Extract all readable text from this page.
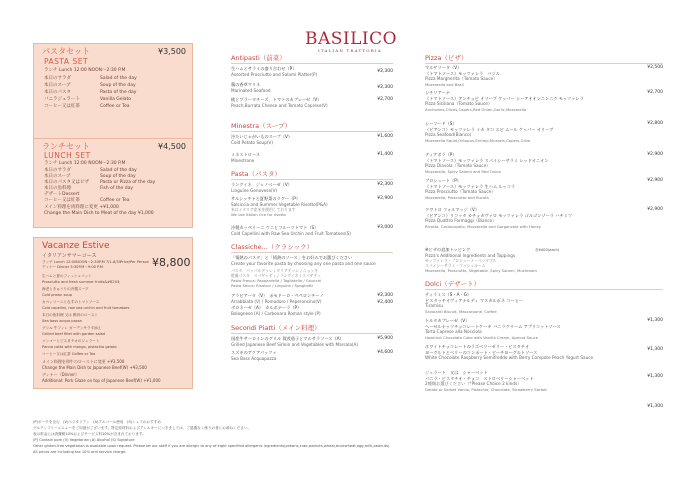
BASILICO
ITALIAN TRATTORIA
パスタセット	¥3,500
PASTA SET
ランチ Lunch 12:00 NOON～2:30 P.M
本日のサラダ	Salad of the day
本日のスープ	Soup of the day
本日のパスタ	Pasta of the day
バニラジェラート	Vanilla Gelato
コーヒー又は紅茶	Coffee or Tea
ランチセット	¥4,500
LUNCH SET
ランチ Lunch 12:00 NOON～2:30 P.M
本日のサラダ	Salad of the day
本日のスープ	Soup of the day
本日のパスタ又はピザ Pasta or Pizza of the day
本日の魚料理	Fish of the day
デザートDessert
コーヒー又は紅茶	Coffee or Tea
メイン料理を肉料理に変更 +¥1,000
Change the Main Dish to Meat of the day ¥1,000
Vacanze Estive
イタリアンサマーコース	¥8,800
ランチ Lunch 12:00NOON～2:30P.M 7/1-8/31
Price/Per Person
ディナー Dinner 5:30P.M～9:00 P.M
生ハムと夏のフィッシュマット
Prosciutto and fresh summer fruits&#8203;
海老ときゅうりの冷製スープ
Cold prawn soup
カペッリーニとなすのトマトソース
Cold capellini, raw sea urchin and fruit tomatoes
本日の魚料理 又は 鴨肉のロースト
Sea bass acqua pazza
グリル 牛フィレ ガーデンサラダ添え
Grilled beef fillet with garden salad
マンゴーとピスタチオのジェラート
Panna cotta with mango, pistachio gelato
コーヒー又は紅茶 Coffee or Tea
メイン料理を和牛のローストに変更 +¥3,500
Change the Main Dish to Japanese Beef(W) +¥3,500
ディナー（Dinner）
Additional: Pork Glaze on top of Japanese Beef(W) +¥1,000
Antipasti（前菜）
生ハムとサラミの盛り合わせ（P）
Assorted Prosciutto and Salami Platter(P)	¥2,300
鶏の香草マリネ
Marinated Seafood	¥2,300
桃とブラータチーズ、トマトのカプレーゼ（V）
Peach,Burrata Cheese and Tomato Caprese(V)
¥2,700
Minestra（スープ）
冷たいじゃがいものスープ（V）
Cold Potato Soup(V)
¥1,600
ミネストローネ
Minestrone
¥1,400
Pasta（パスタ）
ラングイネ　ジェノベーゼ（V）
Linguine Genovese(V)
¥2,300
サルシッチャと夏野菜のラグー（P）
Salsiccia and Summer Vegetable Risotto(P&A)
米はイタリア産米を使用しております
We use Italian rice for risotto
¥2,900
冷製カッペリーニ ウニとフルーツトマト（S）
Cold Capellini with Raw Sea Urchin and Fruit Tomatoes(S)
¥3,000
Classiche...（クラシック）
「情熱のパスタ」と「情熱のソース」をお好みでお選びください
Create your favorite pasta by choosing any one pasta and one sauce
パスタ　パッパルデッレ / タリアテッレ / ニョッキ
乾燥パスタ　スパゲッティ / リングイネ / スパゲティ
Pasta Fresca: Pappardelle / Tagliatelle / Gnocchi
Pasta Secca: Risoloni / Linguine / Spaghetti
アラビアータ（V）　ポモドーロ・ペペロンチーノ
Arrabbiata (V) / Pomodoro / Peperoncino(V)
¥2,300
ボロネーゼ（A）　カルボナーラ（P）
Bolognese (A) / Carbonara Roman style (P)
¥2,400
Secondi Piatti（メイン料理）
国産牛サーロインのグリル 賀茂茄子とマルサラソース（A）
Grilled Japanese Beef Sirloin and Vegetables with Marsala(A)
¥5,900
スズキのアクアパッツァ
Sea Bass Acquapazza
¥4,600
Pizza（ピザ）
マルゲリータ（V）
（トマトソース）モッツァレラ　バジル
Pizza Margherita（Tomato Sauce）
Mozzarella and Basil
¥2,500
シチリアーナ
（トマトソース）アンチョビ オリーブ ケッパー シーアオオンニンニク モッツァレラ
Pizza Siciliana（Tomato Sauce）
Anchovies,Olives,Capers,Red Onion,Garlic,Mozzarella
¥2,700
シーフード（S）
（ビアンコ）モッツァレラ イカ タコ エビ ムール ケッパー オリーブ
Pizza Seafood(Bianco)
Mozzarella Squid,Octopus,Shrimp,Mussels,Capers,Olive
¥2,800
ディアボラ（P）
（トマトソース）モッツァレラ スパイシーサラミ レッドオニオン
Pizza Diavola（Tomato Sauce）
Mozzarella, Spicy Salami and Red Onion
¥2,900
プロシュート（P）
（トマトソース）モッツァレラ 生ハム ルッコラ
Pizza Prosciutto（Tomato Sauce）
Mozzarella, Prosciutto and Rucola
¥2,900
クワトロ フォルマッジ（V）
（ビアンコ）リコッタ カチョカヴァロ モッツァレラ ゴルゴンゾーラ ハチミツ
Pizza Quattro Formaggi（Bianco）
Ricotta, Caciocavallo, Mozzarella and Gorgonzola with Honey
¥2,900
※ピザの追加トッピング
Pizza's Additional Ingredients and Toppings
モッツァレラ・プロシュート・ベジタブル
スパイシーサラミ・マッシュルーム
Mozzarella, Prosciutto, Vegetable ,Spicy Salami, Mushroom
各¥400(each)
Dolci（デザート）
ティラミス（S・A・G）
ピスタッチオヴィアナルディ マスカルポネ コーヒー
Tiramisu
Savoiardi Biscuit, Mascarpone, Coffee
¥1,300
トルタカプレーゼ（V）
ヘーゼルナッツチョコレートケーキ バニラクリーム アプリコットソース
Torta Caprese alla Nocciola
Hazelnut Chocolate Cake with Vanilla Cream, Apricot Sauce
¥1,300
ホワイトチョコレートのラズベリーゼリー・ピスタチオ
ヨーグルトとベリーのコンポート・ピーチヨーグルトソース
White Chocolate Raspberry Semifreddo with Berry Compote Peach Yogurt Sauce
¥1,300
ジェラート　又は　シャーベット
バニラ・ピスタチオ・チョコ　ストロベリーシャーベット
2種類お選びください（*Please Choice 2 kinds）
Gelato or Sorbet Vanila, Pistachio, Chocolate, Strawberry Sorbet
¥1,300
(P)ポークを含む　(V)ベジタリアン　(A)アルコール使用　(S)シェフのおすすめ
グルテンフリーメニューをご用意がございます。特定原材料およびアレルギーにつきましては、ご遠慮なく係りの者にお尋ねください。
表示料金には消費税10%およびサービス料10%が含まれております。
(P) Contain pork (V) Vegetarian (A) Alcohol (S) Signature
Other gluten-free vegetarian is available upon request. Please let our staff if you are allergic to any of eight specified allergenic ingredients(prawns,crab,walnuts,wheat,buckwheat,egg,milk,peanuts)
All prices are including tax 10% and service charge.
